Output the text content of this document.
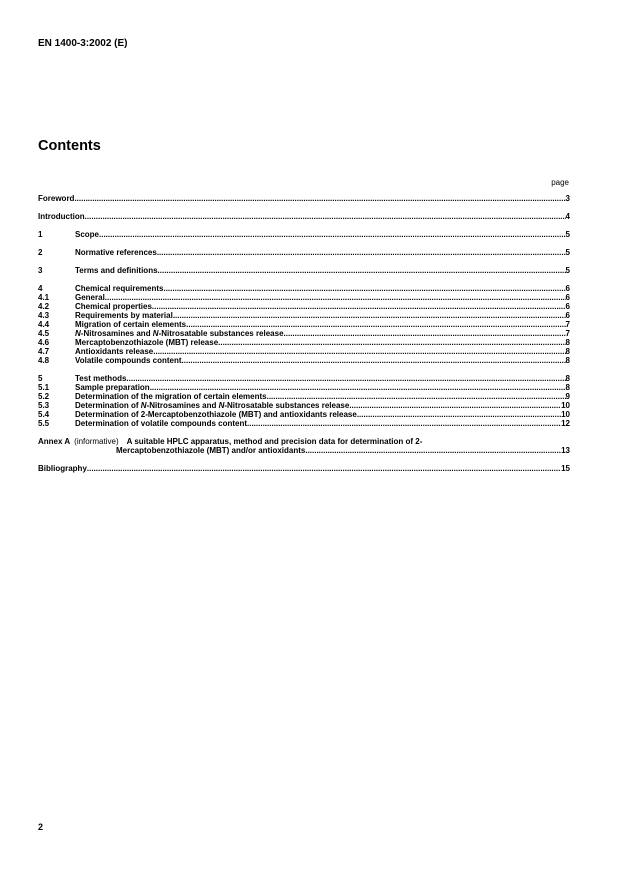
EN 1400-3:2002 (E)
Contents
page
Foreword .....	3
Introduction .....	4
1	Scope .....	5
2	Normative references .....	5
3	Terms and definitions .....	5
4	Chemical requirements .....	6
4.1	General .....	6
4.2	Chemical properties .....	6
4.3	Requirements by material .....	6
4.4	Migration of certain elements .....	7
4.5	N-Nitrosamines and N-Nitrosatable substances release .....	7
4.6	Mercaptobenzothiazole (MBT) release .....	8
4.7	Antioxidants release .....	8
4.8	Volatile compounds content .....	8
5	Test methods .....	8
5.1	Sample preparation .....	8
5.2	Determination of the migration of certain elements .....	9
5.3	Determination of N-Nitrosamines and N-Nitrosatable substances release .....	10
5.4	Determination of 2-Mercaptobenzothiazole (MBT) and antioxidants release .....	10
5.5	Determination of volatile compounds content .....	12
Annex A (informative) A suitable HPLC apparatus, method and precision data for determination of 2-
Mercaptobenzothiazole (MBT) and/or antioxidants .....	13
Bibliography .....	15
2
